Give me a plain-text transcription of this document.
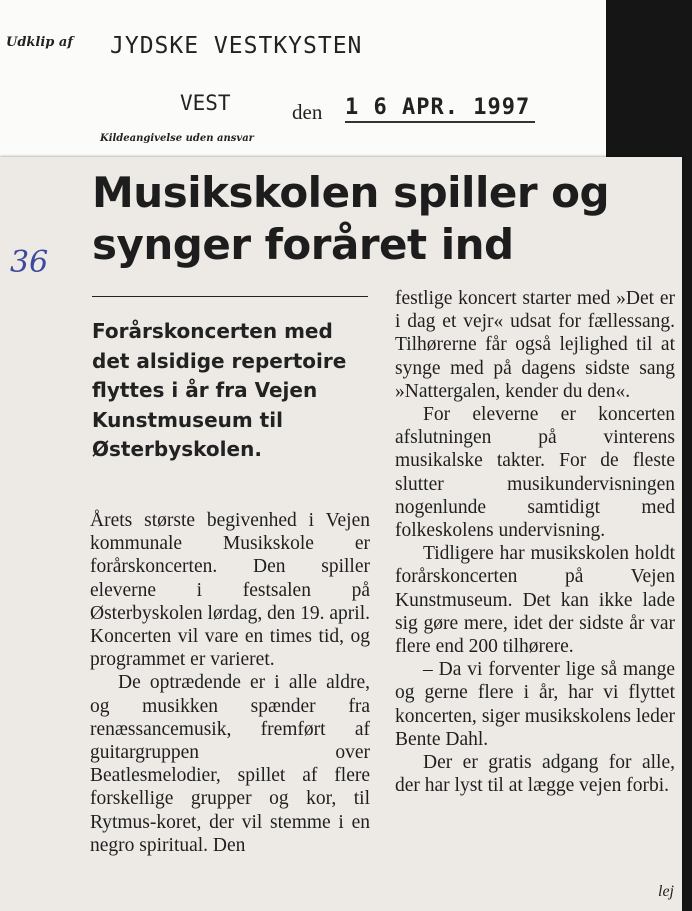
Udklip af JYDSKE VESTKYSTEN
VEST	den 1 6 APR. 1997
Kildeangivelse uden ansvar
36
Musikskolen spiller og
synger foråret ind
Forårskoncerten med det alsidige repertoire flyttes i år fra Vejen Kunstmuseum til Østerbyskolen.

Årets største begivenhed i Vejen kommunale Musikskole er forårskoncerten. Den spiller eleverne i festsalen på Østerbyskolen lørdag, den 19. april. Koncerten vil vare en times tid, og programmet er varieret.

De optrædende er i alle aldre, og musikken spænder fra renæssancemusik, fremført af guitargruppen over Beatlesmelodier, spillet af flere forskellige grupper og kor, til Rytmus-koret, der vil stemme i en negro spiritual. Den

festlige koncert starter med »Det er i dag et vejr« udsat for fællessang. Tilhørerne får også lejlighed til at synge med på dagens sidste sang »Nattergalen, kender du den«.

For eleverne er koncerten afslutningen på vinterens musikalske takter. For de fleste slutter musikundervisningen nogenlunde samtidigt med folkeskolens undervisning.

Tidligere har musikskolen holdt forårskoncerten på Vejen Kunstmuseum. Det kan ikke lade sig gøre mere, idet der sidste år var flere end 200 tilhørere.

– Da vi forventer lige så mange og gerne flere i år, har vi flyttet koncerten, siger musikskolens leder Bente Dahl.

Der er gratis adgang for alle, der har lyst til at lægge vejen forbi.

lej
